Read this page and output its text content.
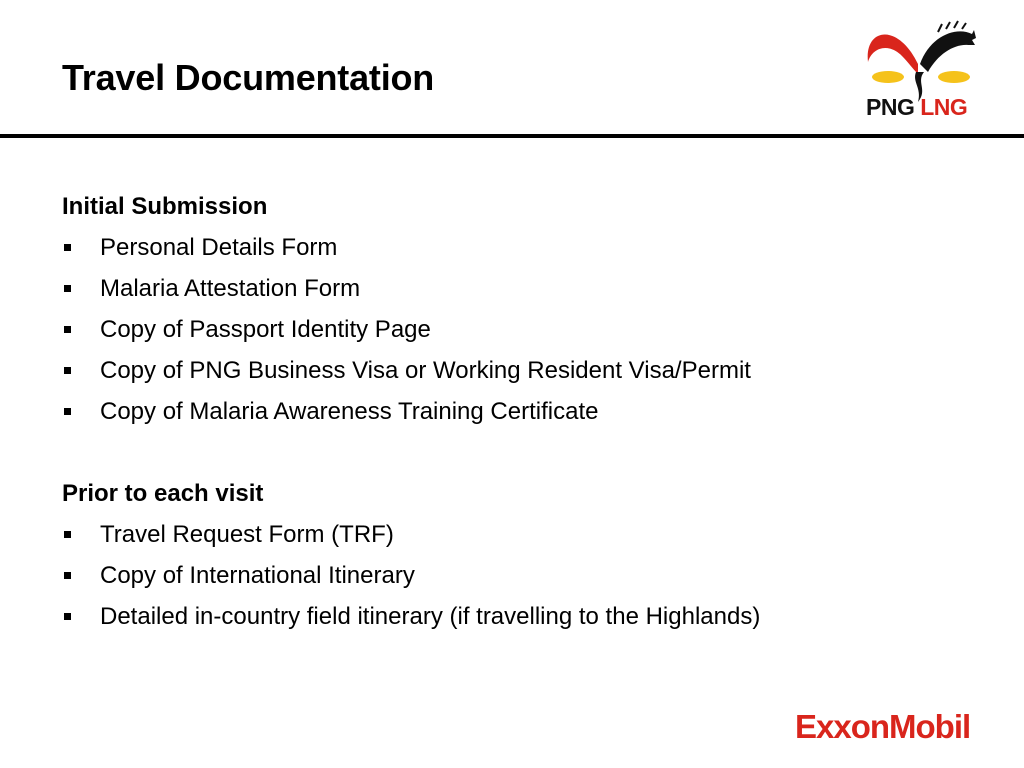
Travel Documentation
PNG LNG
Initial Submission
Personal Details Form
Malaria Attestation Form
Copy of Passport Identity Page
Copy of PNG Business Visa or Working Resident Visa/Permit
Copy of Malaria Awareness Training Certificate
Prior to each visit
Travel Request Form (TRF)
Copy of International Itinerary
Detailed in-country field itinerary (if travelling to the Highlands)
ExxonMobil
